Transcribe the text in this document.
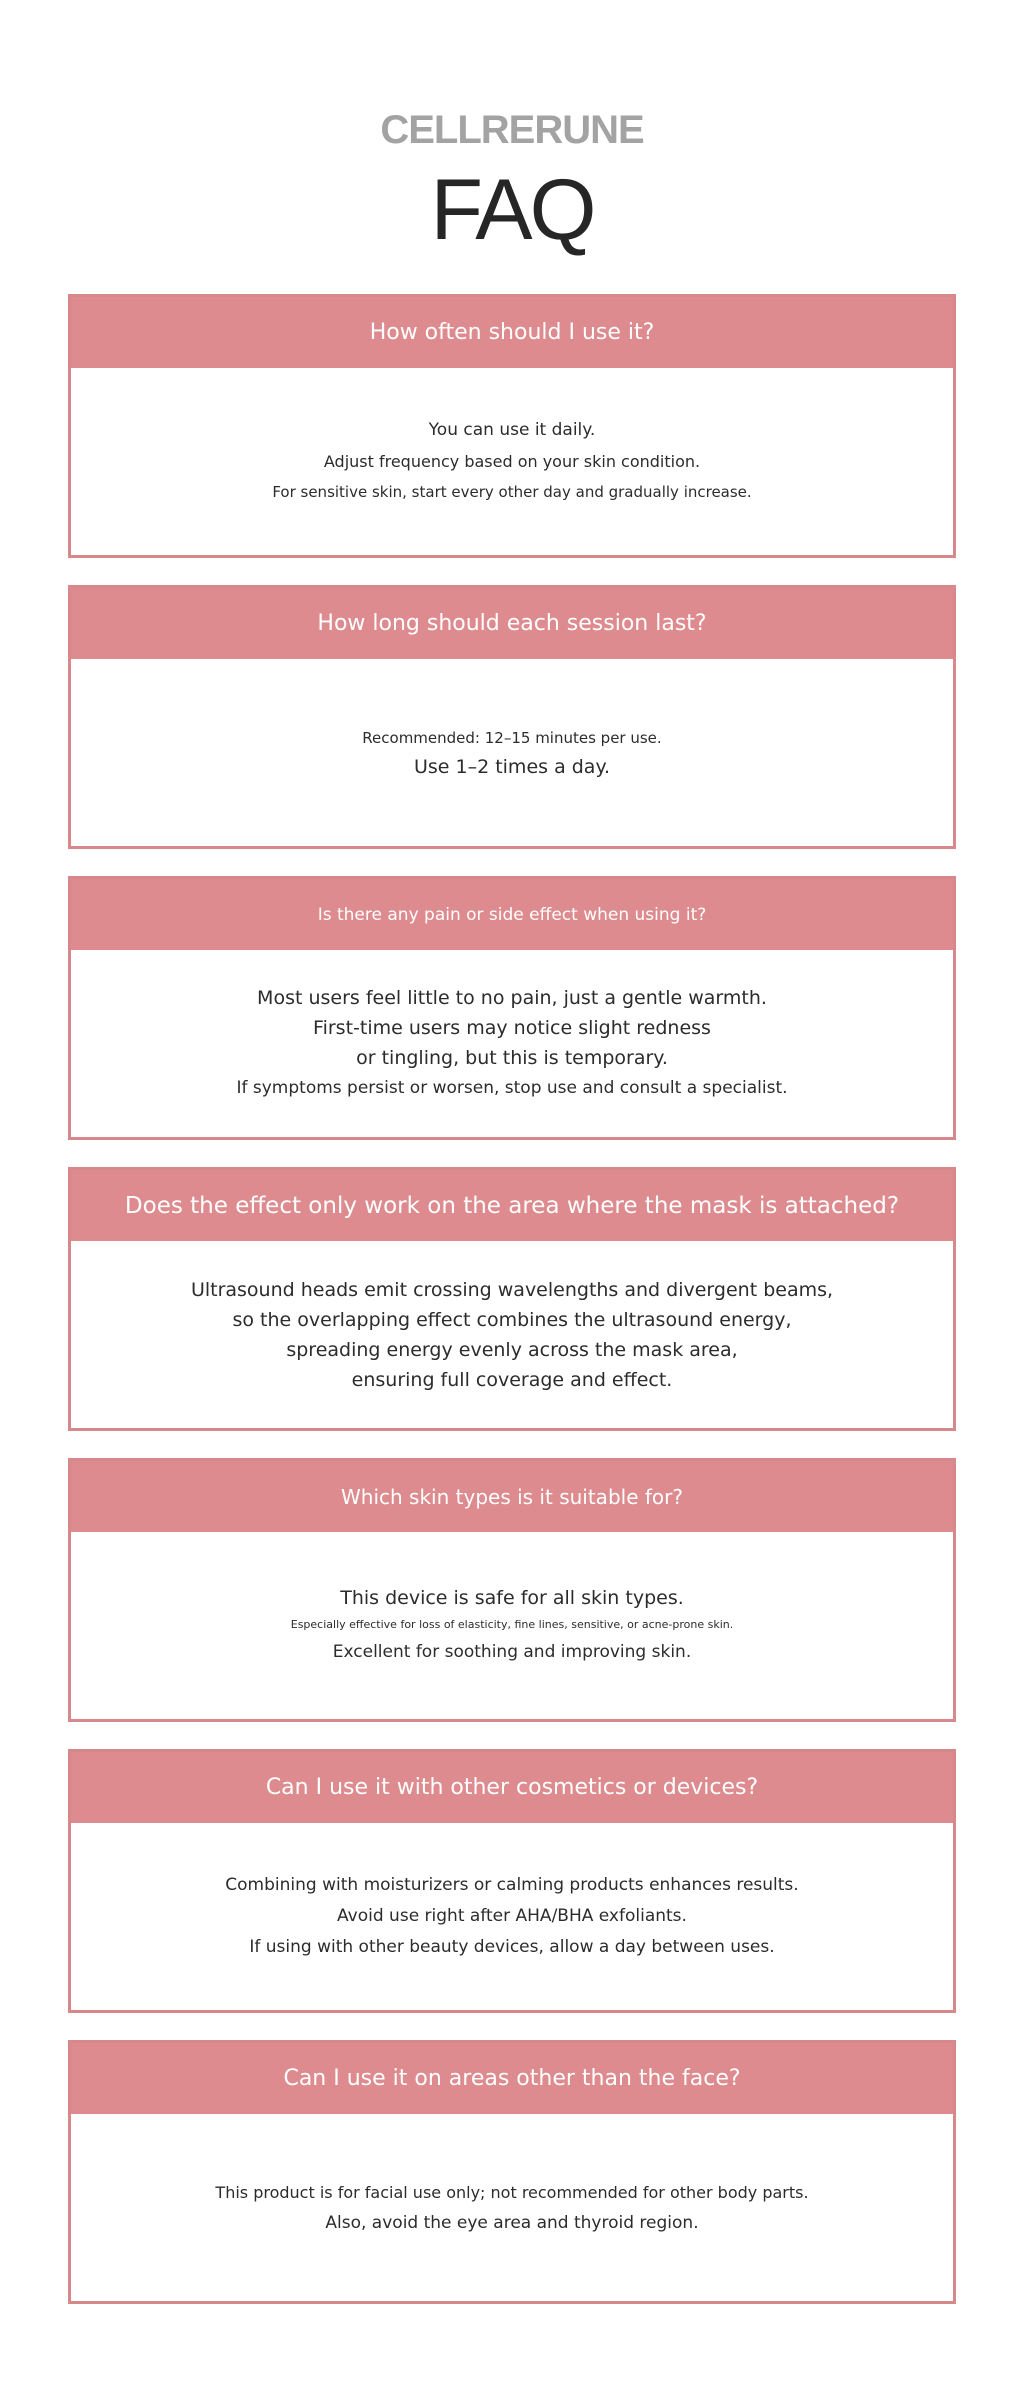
CELLRERUNE
FAQ
How often should I use it?
You can use it daily.
Adjust frequency based on your skin condition.
For sensitive skin, start every other day and gradually increase.
How long should each session last?
Recommended: 12–15 minutes per use.
Use 1–2 times a day.
Is there any pain or side effect when using it?
Most users feel little to no pain, just a gentle warmth.
First-time users may notice slight redness
or tingling, but this is temporary.
If symptoms persist or worsen, stop use and consult a specialist.
Does the effect only work on the area where the mask is attached?
Ultrasound heads emit crossing wavelengths and divergent beams,
so the overlapping effect combines the ultrasound energy,
spreading energy evenly across the mask area,
ensuring full coverage and effect.
Which skin types is it suitable for?
This device is safe for all skin types.
Especially effective for loss of elasticity, fine lines, sensitive, or acne-prone skin.
Excellent for soothing and improving skin.
Can I use it with other cosmetics or devices?
Combining with moisturizers or calming products enhances results.
Avoid use right after AHA/BHA exfoliants.
If using with other beauty devices, allow a day between uses.
Can I use it on areas other than the face?
This product is for facial use only; not recommended for other body parts.
Also, avoid the eye area and thyroid region.
